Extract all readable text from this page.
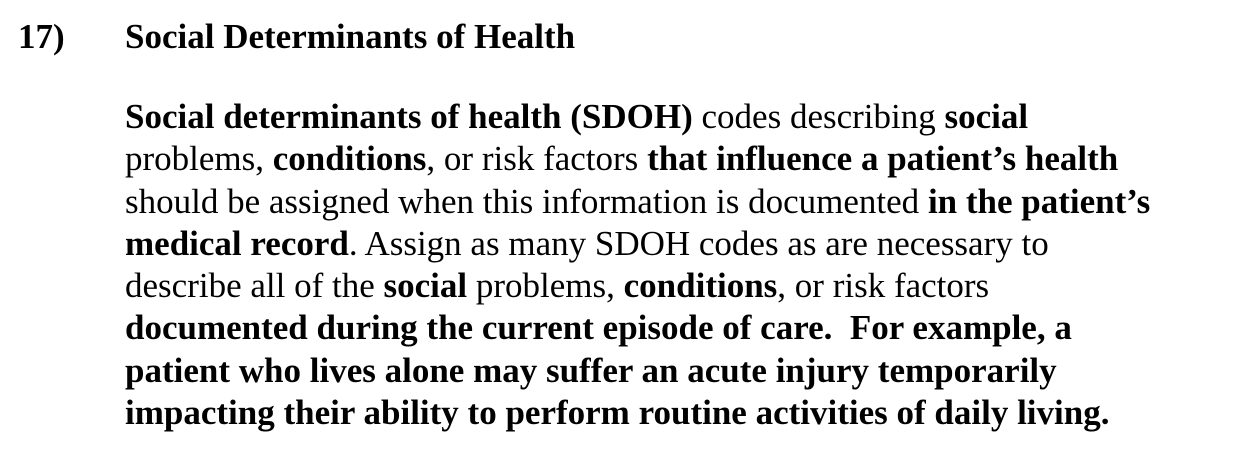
17) Social Determinants of Health
Social determinants of health (SDOH) codes describing social
problems, conditions, or risk factors that influence a patient’s health
should be assigned when this information is documented in the patient’s
medical record. Assign as many SDOH codes as are necessary to
describe all of the social problems, conditions, or risk factors
documented during the current episode of care.  For example, a
patient who lives alone may suffer an acute injury temporarily
impacting their ability to perform routine activities of daily living.
